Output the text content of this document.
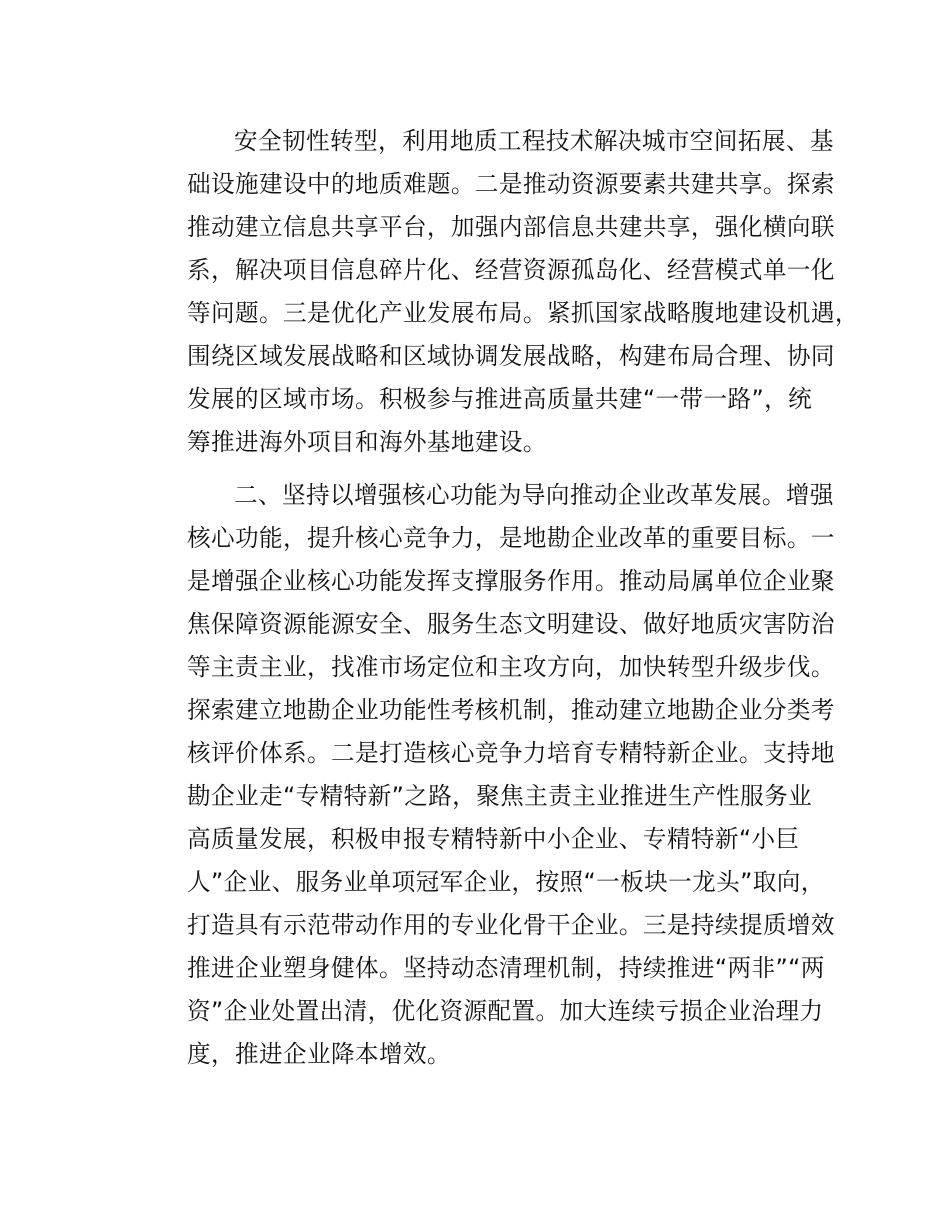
安全韧性转型，利用地质工程技术解决城市空间拓展、基
础设施建设中的地质难题。二是推动资源要素共建共享。探索
推动建立信息共享平台，加强内部信息共建共享，强化横向联
系，解决项目信息碎片化、经营资源孤岛化、经营模式单一化
等问题。三是优化产业发展布局。紧抓国家战略腹地建设机遇，
围绕区域发展战略和区域协调发展战略，构建布局合理、协同
发展的区域市场。积极参与推进高质量共建“一带一路”，统
筹推进海外项目和海外基地建设。
二、坚持以增强核心功能为导向推动企业改革发展。增强
核心功能，提升核心竞争力，是地勘企业改革的重要目标。一
是增强企业核心功能发挥支撑服务作用。推动局属单位企业聚
焦保障资源能源安全、服务生态文明建设、做好地质灾害防治
等主责主业，找准市场定位和主攻方向，加快转型升级步伐。
探索建立地勘企业功能性考核机制，推动建立地勘企业分类考
核评价体系。二是打造核心竞争力培育专精特新企业。支持地
勘企业走“专精特新”之路，聚焦主责主业推进生产性服务业
高质量发展，积极申报专精特新中小企业、专精特新“小巨
人”企业、服务业单项冠军企业，按照“一板块一龙头”取向，
打造具有示范带动作用的专业化骨干企业。三是持续提质增效
推进企业塑身健体。坚持动态清理机制，持续推进“两非”“两
资”企业处置出清，优化资源配置。加大连续亏损企业治理力
度，推进企业降本增效。
